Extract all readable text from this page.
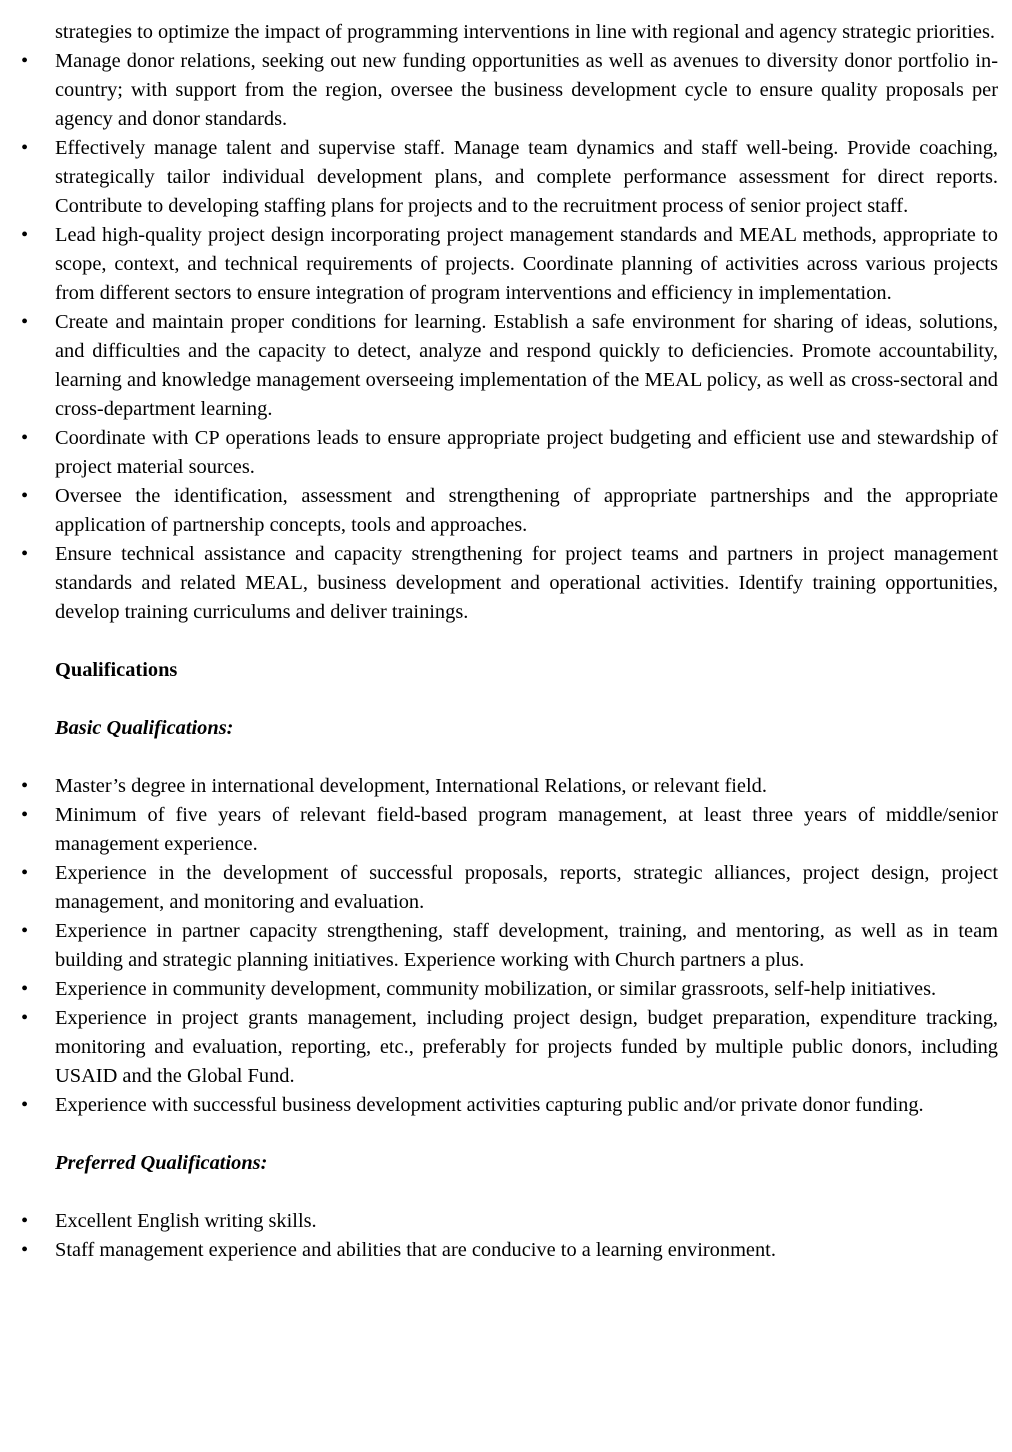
strategies to optimize the impact of programming interventions in line with regional and agency strategic priorities.

•	Manage donor relations, seeking out new funding opportunities as well as avenues to diversity donor portfolio in-country; with support from the region, oversee the business development cycle to ensure quality proposals per agency and donor standards.
•	Effectively manage talent and supervise staff. Manage team dynamics and staff well-being. Provide coaching, strategically tailor individual development plans, and complete performance assessment for direct reports. Contribute to developing staffing plans for projects and to the recruitment process of senior project staff.
•	Lead high-quality project design incorporating project management standards and MEAL methods, appropriate to scope, context, and technical requirements of projects. Coordinate planning of activities across various projects from different sectors to ensure integration of program interventions and efficiency in implementation.
•	Create and maintain proper conditions for learning. Establish a safe environment for sharing of ideas, solutions, and difficulties and the capacity to detect, analyze and respond quickly to deficiencies. Promote accountability, learning and knowledge management overseeing implementation of the MEAL policy, as well as cross-sectoral and cross-department learning.
•	Coordinate with CP operations leads to ensure appropriate project budgeting and efficient use and stewardship of project material sources.
•	Oversee the identification, assessment and strengthening of appropriate partnerships and the appropriate application of partnership concepts, tools and approaches.
•	Ensure technical assistance and capacity strengthening for project teams and partners in project management standards and related MEAL, business development and operational activities. Identify training opportunities, develop training curriculums and deliver trainings.
Qualifications
Basic Qualifications:
•	Master’s degree in international development, International Relations, or relevant field.
•	Minimum of five years of relevant field-based program management, at least three years of middle/senior management experience.
•	Experience in the development of successful proposals, reports, strategic alliances, project design, project management, and monitoring and evaluation.
•	Experience in partner capacity strengthening, staff development, training, and mentoring, as well as in team building and strategic planning initiatives. Experience working with Church partners a plus.
•	Experience in community development, community mobilization, or similar grassroots, self-help initiatives.
•	Experience in project grants management, including project design, budget preparation, expenditure tracking, monitoring and evaluation, reporting, etc., preferably for projects funded by multiple public donors, including USAID and the Global Fund.
•	Experience with successful business development activities capturing public and/or private donor funding.
Preferred Qualifications:
•	Excellent English writing skills.
•	Staff management experience and abilities that are conducive to a learning environment.
